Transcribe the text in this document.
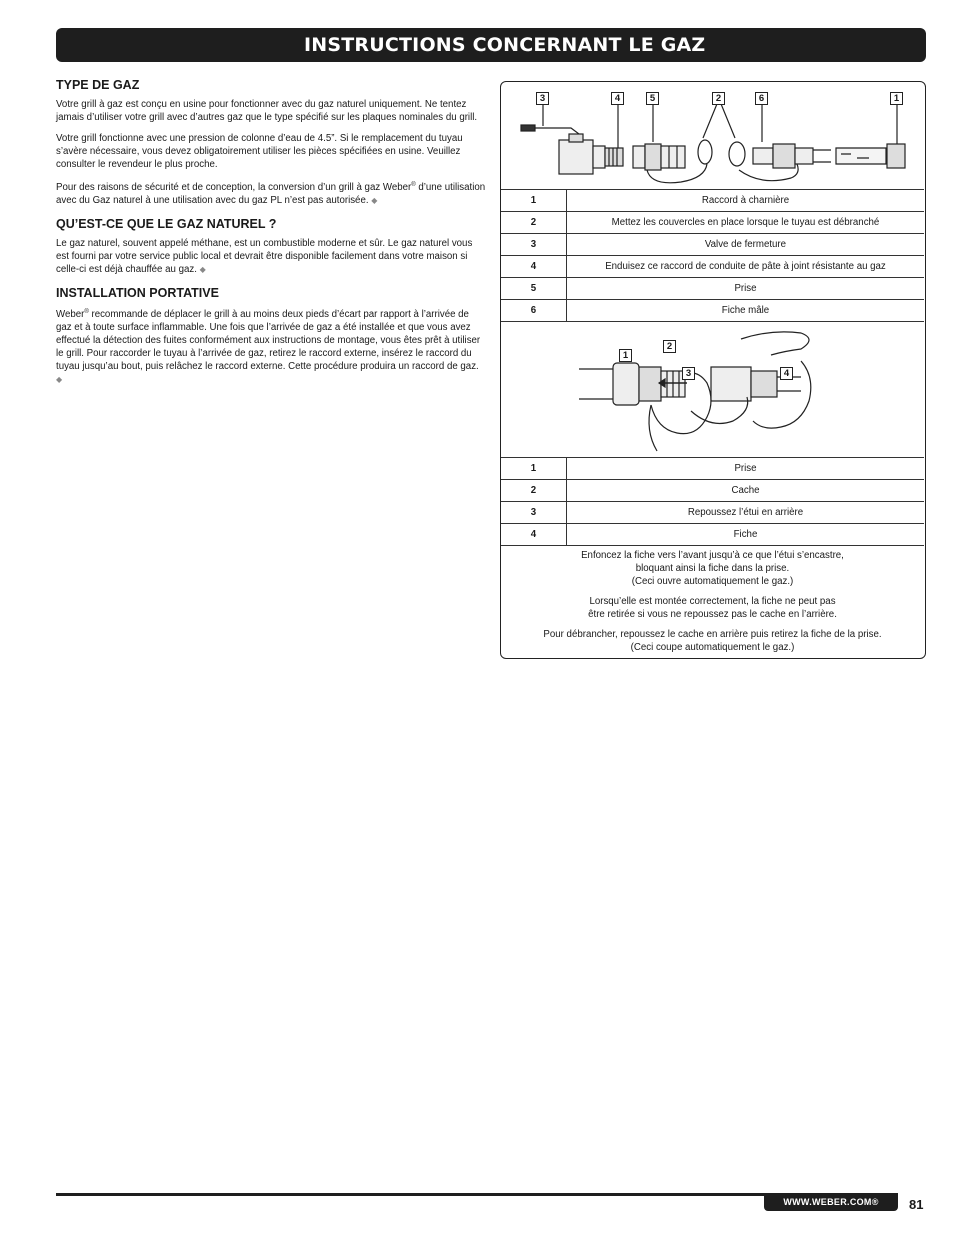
INSTRUCTIONS CONCERNANT LE GAZ
TYPE DE GAZ

Votre grill à gaz est conçu en usine pour fonctionner avec du gaz naturel uniquement. Ne tentez jamais d’utiliser votre grill avec d’autres gaz que le type spécifié sur les plaques nominales du grill.

Votre grill fonctionne avec une pression de colonne d’eau de 4.5”. Si le remplacement du tuyau s’avère nécessaire, vous devez obligatoirement utiliser les pièces spécifiées en usine. Veuillez consulter le revendeur le plus proche.

Pour des raisons de sécurité et de conception, la conversion d’un grill à gaz Weber® d’une utilisation avec du Gaz naturel à une utilisation avec du gaz PL n’est pas autorisée. ◆

QU’EST-CE QUE LE GAZ NATUREL ?

Le gaz naturel, souvent appelé méthane, est un combustible moderne et sûr. Le gaz naturel vous est fourni par votre service public local et devrait être disponible facilement dans votre maison si celle-ci est déjà chauffée au gaz. ◆

INSTALLATION PORTATIVE

Weber® recommande de déplacer le grill à au moins deux pieds d’écart par rapport à l’arrivée de gaz et à toute surface inflammable. Une fois que l’arrivée de gaz a été installée et que vous avez effectué la détection des fuites conformément aux instructions de montage, vous êtes prêt à utiliser le grill. Pour raccorder le tuyau à l’arrivée de gaz, retirez le raccord externe, insérez le raccord du tuyau jusqu’au bout, puis relâchez le raccord externe. Cette procédure produira un raccord de gaz. ◆

3	4	5	2	6	1
1	Raccord à charnière
2	Mettez les couvercles en place lorsque le tuyau est débranché
3	Valve de fermeture
4	Enduisez ce raccord de conduite de pâte à joint résistante au gaz
5	Prise
6	Fiche mâle
1
2
3	4
1	Prise
2	Cache
3	Repoussez l’étui en arrière
4	Fiche

Enfoncez la fiche vers l’avant jusqu’à ce que l’étui s’encastre,
bloquant ainsi la fiche dans la prise.
(Ceci ouvre automatiquement le gaz.)

Lorsqu’elle est montée correctement, la fiche ne peut pas
être retirée si vous ne repoussez pas le cache en l’arrière.

Pour débrancher, repoussez le cache en arrière puis retirez la fiche de la prise.
(Ceci coupe automatiquement le gaz.)

WWW.WEBER.COM®	81
